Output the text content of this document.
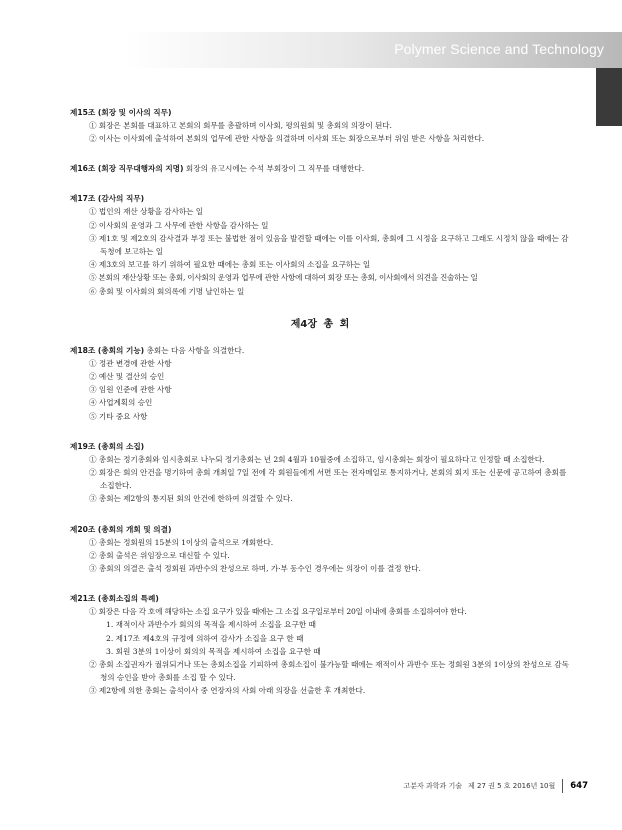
Polymer Science and Technology
제15조 (회장 및 이사의 직무)
① 회장은 본회를 대표하고 본회의 회무를 총괄하며 이사회, 평의원회 및 총회의 의장이 된다.
② 이사는 이사회에 출석하여 본회의 업무에 관한 사항을 의결하며 이사회 또는 회장으로부터 위임 받은 사항을 처리한다.
제16조 (회장 직무대행자의 지명) 회장의 유고시에는 수석 부회장이 그 직무를 대행한다.
제17조 (감사의 직무)
① 법인의 재산 상황을 감사하는 일
② 이사회의 운영과 그 사무에 관한 사항을 감사하는 일
③ 제1호 및 제2호의 감사결과 부정 또는 불법한 점이 있음을 발견할 때에는 이를 이사회, 총회에 그 시정을 요구하고 그래도 시정치 않을 때에는 감독청에 보고하는 일
④ 제3호의 보고를 하기 위하여 필요한 때에는 총회 또는 이사회의 소집을 요구하는 일
⑤ 본회의 재산상황 또는 총회, 이사회의 운영과 업무에 관한 사항에 대하여 회장 또는 총회, 이사회에서 의견을 진술하는 일
⑥ 총회 및 이사회의 회의록에 기명 날인하는 일
제4장 총 회
제18조 (총회의 기능) 총회는 다음 사항을 의결한다.
① 정관 변경에 관한 사항
② 예산 및 결산의 승인
③ 임원 인준에 관한 사항
④ 사업계획의 승인
⑤ 기타 중요 사항
제19조 (총회의 소집)
① 총회는 정기총회와 임시총회로 나누되 정기총회는 년 2회 4월과 10월중에 소집하고, 임시총회는 회장이 필요하다고 인정할 때 소집한다.
② 회장은 회의 안건을 명기하여 총회 개최일 7일 전에 각 회원들에게 서면 또는 전자메일로 통지하거나, 본회의 회지 또는 신문에 공고하여 총회를 소집한다.
③ 총회는 제2항의 통지된 회의 안건에 한하여 의결할 수 있다.
제20조 (총회의 개회 및 의결)
① 총회는 정회원의 15분의 1이상의 출석으로 개회한다.
② 총회 출석은 위임장으로 대신할 수 있다.
③ 총회의 의결은 출석 정회원 과반수의 찬성으로 하며, 가·부 동수인 경우에는 의장이 이를 결정 한다.
제21조 (총회소집의 특례)
① 회장은 다음 각 호에 해당하는 소집 요구가 있을 때에는 그 소집 요구일로부터 20일 이내에 총회를 소집하여야 한다.
1. 재적이사 과반수가 회의의 목적을 제시하여 소집을 요구한 때
2. 제17조 제4호의 규정에 의하여 감사가 소집을 요구 한 때
3. 회원 3분의 1이상이 회의의 목적을 제시하여 소집을 요구한 때
② 총회 소집권자가 궐위되거나 또는 총회소집을 기피하여 총회소집이 불가능할 때에는 재적이사 과반수 또는 정회원 3분의 1이상의 찬성으로 감독청의 승인을 받아 총회를 소집 할 수 있다.
③ 제2항에 의한 총회는 출석이사 중 연장자의 사회 아래 의장을 선출한 후 개최한다.
고분자 과학과 기술 제 27 권 5 호 2016년 10월 647
